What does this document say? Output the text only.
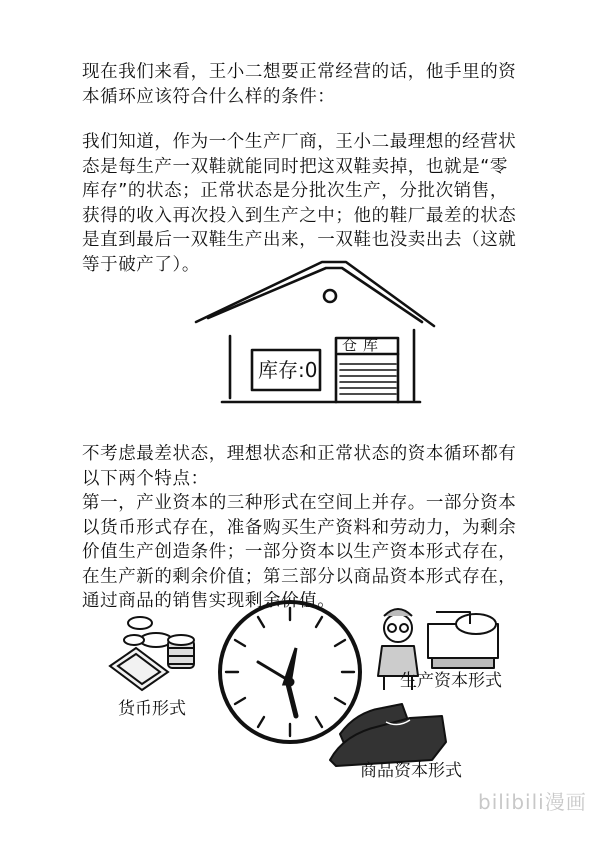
现在我们来看，王小二想要正常经营的话，他手里的资本循环应该符合什么样的条件：

我们知道，作为一个生产厂商，王小二最理想的经营状态是每生产一双鞋就能同时把这双鞋卖掉，也就是“零库存”的状态；正常状态是分批次生产，分批次销售，获得的收入再次投入到生产之中；他的鞋厂最差的状态是直到最后一双鞋生产出来，一双鞋也没卖出去（这就等于破产了）。

库存:0
仓库

不考虑最差状态，理想状态和正常状态的资本循环都有以下两个特点：
第一，产业资本的三种形式在空间上并存。一部分资本以货币形式存在，准备购买生产资料和劳动力，为剩余价值生产创造条件；一部分资本以生产资本形式存在，在生产新的剩余价值；第三部分以商品资本形式存在，通过商品的销售实现剩余价值。

货币形式
生产资本形式
商品资本形式
bilibili漫画
